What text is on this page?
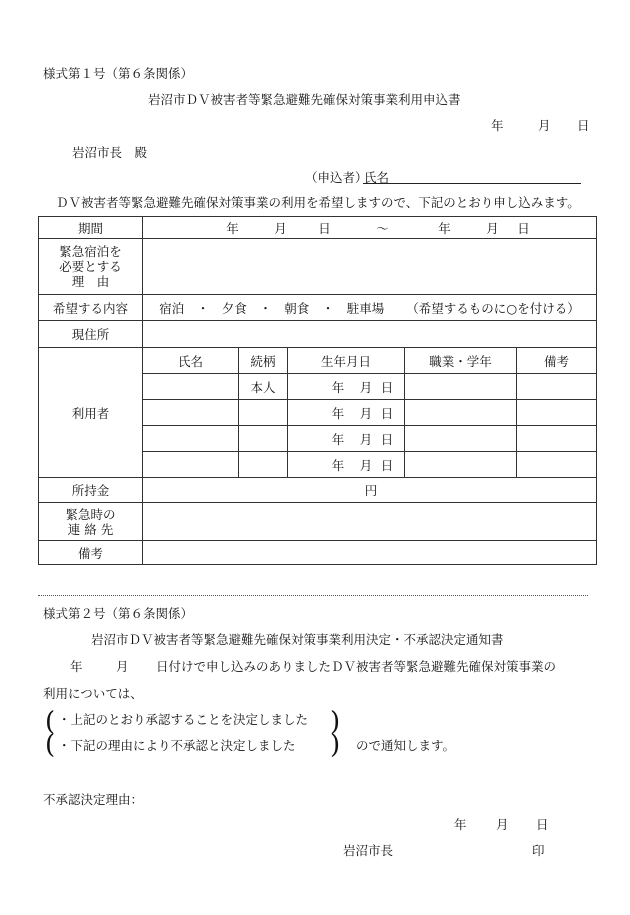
様式第１号（第６条関係）
岩沼市ＤＶ被害者等緊急避難先確保対策事業利用申込書
年	月 日
岩沼市長　殿
（申込者）
氏名
ＤＶ被害者等緊急避難先確保対策事業の利用を希望しますので、下記のとおり申し込みます。
期間	年 月 日 ～ 年 月 日				

緊急宿泊を
必要とする
理　由					

希望する内容	宿泊　・　夕食　・　朝食　・　駐車場 （希望するものに○を付ける）				
現住所					
利用者	氏名	続柄	生年月日	職業・学年	備考
		本人	年 月 日		
			年 月 日		
			年 月 日		
			年 月 日		
所持金	円				

緊急時の
連 絡 先					

備考					
様式第２号（第６条関係）
岩沼市ＤＶ被害者等緊急避難先確保対策事業利用決定・不承認決定通知書
年	月 日付けで申し込みのありましたＤＶ被害者等緊急避難先確保対策事業の
利用については、
( ・上記のとおり承認することを決定しました
・下記の理由により不承認と決定しました
)
(	) ので通知します。
不承認決定理由：
年 月 日
岩沼市長	印
